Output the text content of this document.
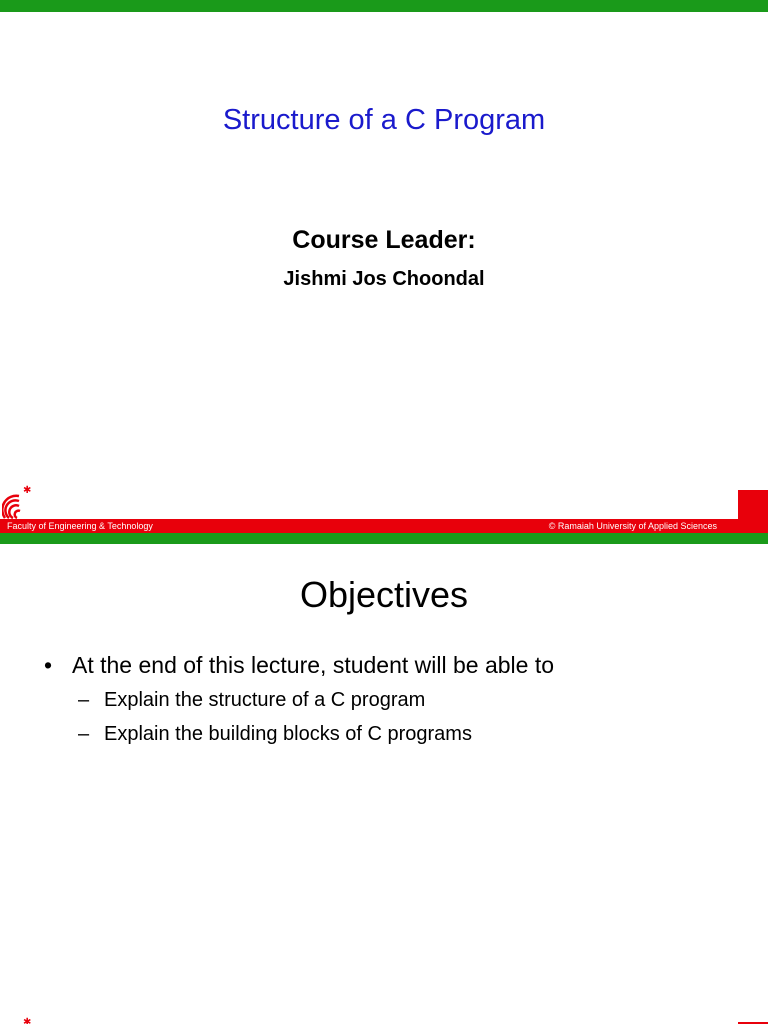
Structure of a C Program
Course Leader:
Jishmi Jos Choondal
✱
Faculty of Engineering & Technology	© Ramaiah University of Applied Sciences
Objectives
• At the end of this lecture, student will be able to
– Explain the structure of a C program
– Explain the building blocks of C programs
✱
